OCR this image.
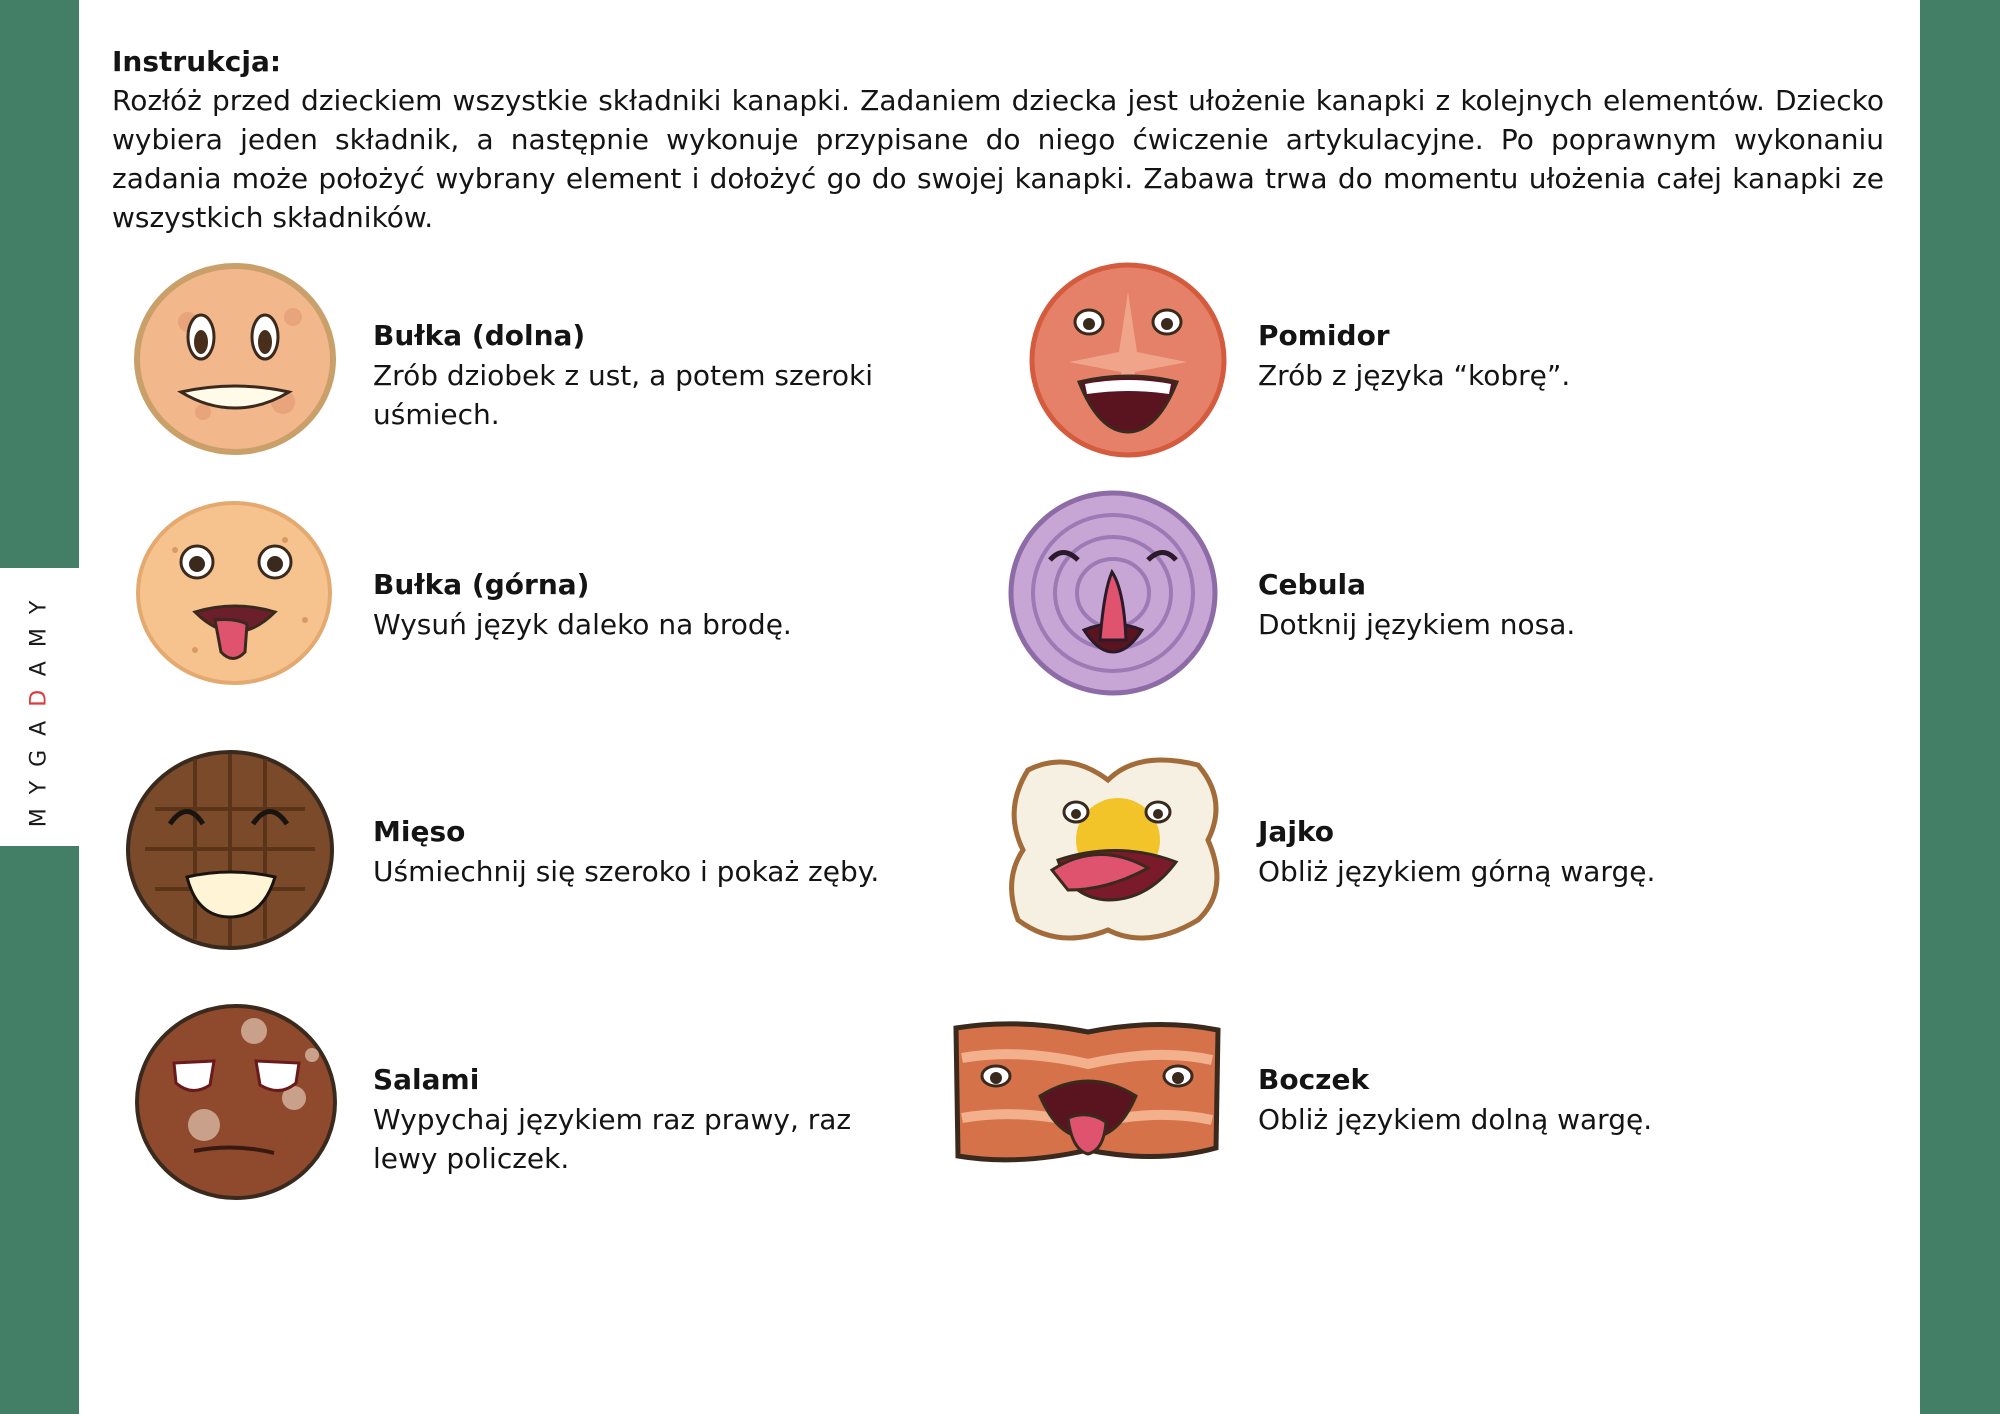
MYGADAMY
Instrukcja:
Rozłóż przed dzieckiem wszystkie składniki kanapki. Zadaniem dziecka jest ułożenie kanapki z kolejnych elementów. Dziecko wybiera jeden składnik, a następnie wykonuje przypisane do niego ćwiczenie artykulacyjne. Po poprawnym wykonaniu zadania może położyć wybrany element i dołożyć go do swojej kanapki. Zabawa trwa do momentu ułożenia całej kanapki ze wszystkich składników.
Bułka (dolna)
Zrób dziobek z ust, a potem szeroki uśmiech.
Bułka (górna)
Wysuń język daleko na brodę.
Mięso
Uśmiechnij się szeroko i pokaż zęby.
Salami
Wypychaj językiem raz prawy, raz lewy policzek.
Pomidor
Zrób z języka “kobrę”.
Cebula
Dotknij językiem nosa.
Jajko
Obliż językiem górną wargę.
Boczek
Obliż językiem dolną wargę.
